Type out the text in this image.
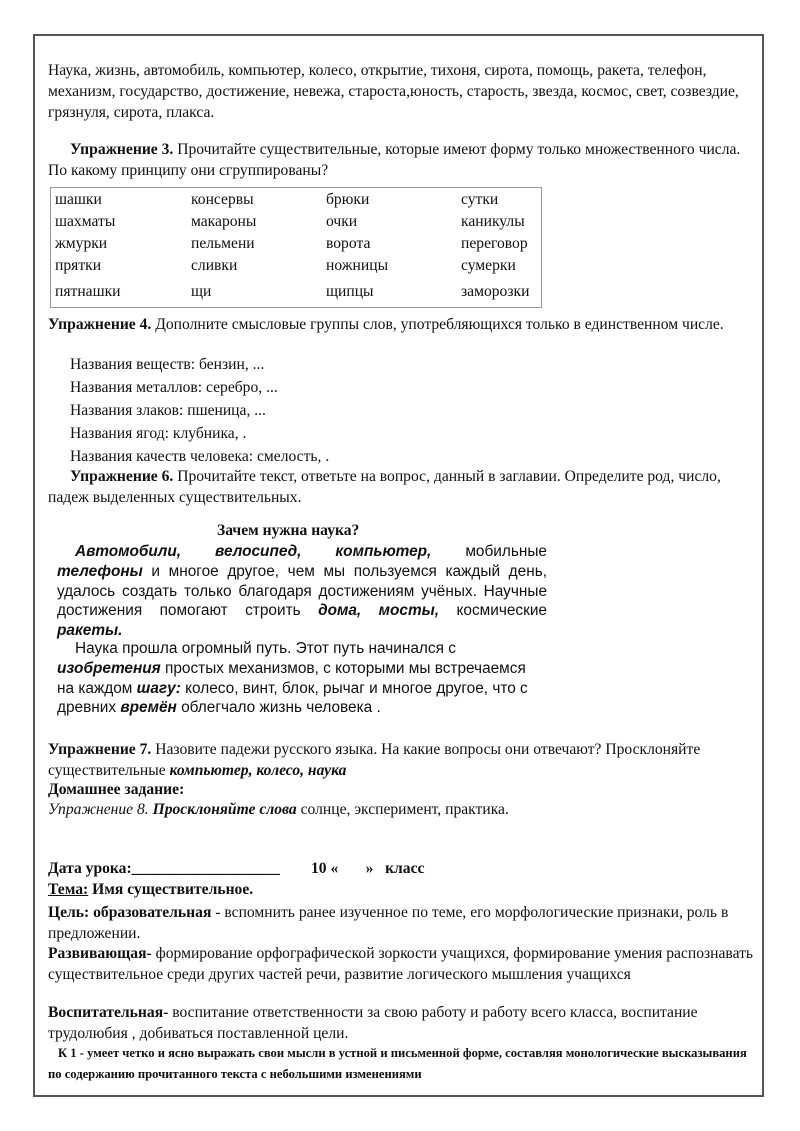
Наука, жизнь, автомобиль, компьютер, колесо, открытие, тихоня, сирота, помощь, ракета, телефон, механизм, государство, достижение, невежа, староста,юность, старость, звезда, космос, свет, созвездие, грязнуля, сирота, плакса.

Упражнение 3. Прочитайте существительные, которые имеют форму только множественного числа. По какому принципу они сгруппированы?

шашки	консервы	брюки	сутки
шахматы	макароны	очки	каникулы
жмурки	пельмени	ворота	переговор
прятки	сливки	ножницы	сумерки
пятнашки	щи	щипцы	заморозки

Упражнение 4. Дополните смысловые группы слов, употребляющихся только в единственном числе.

Названия веществ: бензин, ...
Названия металлов: серебро, ...
Названия злаков: пшеница, ...
Названия ягод: клубника, .
Названия качеств человека: смелость, .

Упражнение 6. Прочитайте текст, ответьте на вопрос, данный в заглавии. Определите род, число, падеж выделенных существительных.

Зачем нужна наука?

Автомобили, велосипед, компьютер, мобильные телефоны и многое другое, чем мы пользуемся каждый день, удалось создать только благодаря достижениям учёных. Научные достижения помогают строить дома, мосты, космические ракеты.

Наука прошла огромный путь. Этот путь начинался с изобретения простых механизмов, с которыми мы встречаемся на каждом шагу: колесо, винт, блок, рычаг и многое другое, что с древних времён облегчало жизнь человека .

Упражнение 7. Назовите падежи русского языка. На какие вопросы они отвечают? Просклоняйте существительные компьютер, колесо, наука

Домашнее задание:
Упражнение 8. Просклоняйте слова солнце, эксперимент, практика.
Дата урока:___________________        10 «       »   класс
Тема: Имя существительное.

Цель: образовательная - вспомнить ранее изученное по теме, его морфологические признаки, роль в предложении.

Развивающая- формирование орфографической зоркости учащихся, формирование умения распознавать существительное среди других частей речи, развитие логического мышления учащихся

Воспитательная- воспитание ответственности за свою работу и работу всего класса, воспитание трудолюбия , добиваться поставленной цели.

К 1 - умеет четко и ясно выражать свои мысли в устной и письменной форме, составляя монологические высказывания по содержанию прочитанного текста с небольшими изменениями
